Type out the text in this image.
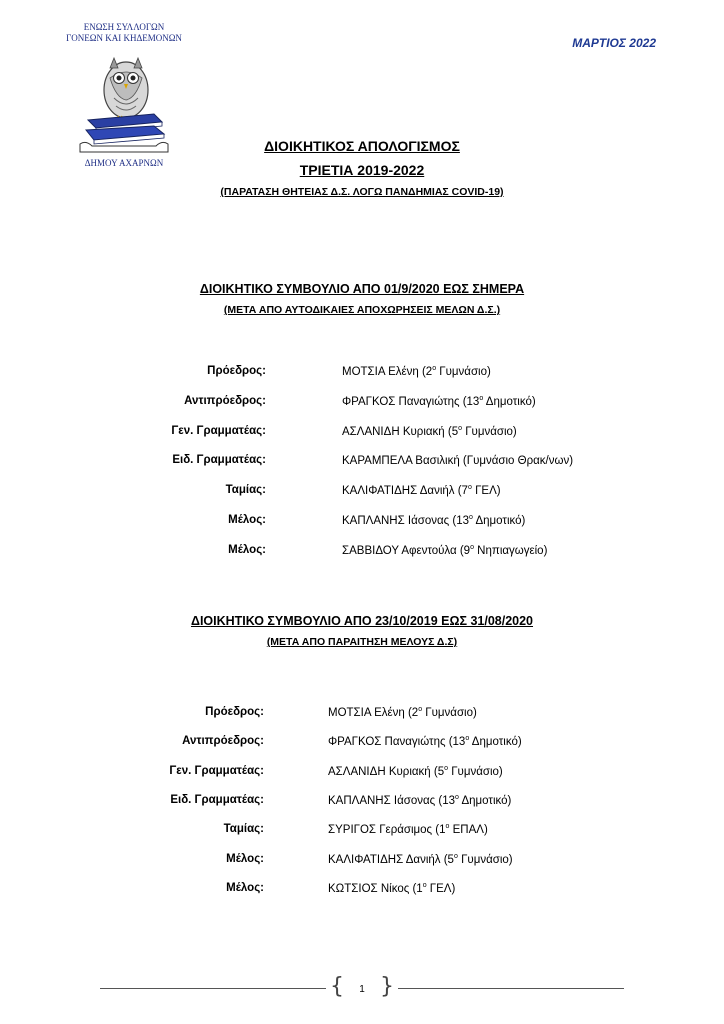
ΕΝΩΣΗ ΣΥΛΛΟΓΩΝ
ΓΟΝΕΩΝ ΚΑΙ ΚΗΔΕΜΟΝΩΝ
ΔΗΜΟΥ ΑΧΑΡΝΩΝ
ΜΑΡΤΙΟΣ 2022
ΔΙΟΙΚΗΤΙΚΟΣ ΑΠΟΛΟΓΙΣΜΟΣ
ΤΡΙΕΤΙΑ 2019-2022
(ΠΑΡΑΤΑΣΗ ΘΗΤΕΙΑΣ Δ.Σ. ΛΟΓΩ ΠΑΝΔΗΜΙΑΣ COVID-19)
ΔΙΟΙΚΗΤΙΚΟ ΣΥΜΒΟΥΛΙΟ ΑΠΟ 01/9/2020 ΕΩΣ ΣΗΜΕΡΑ
(ΜΕΤΑ ΑΠΟ ΑΥΤΟΔΙΚΑΙΕΣ ΑΠΟΧΩΡΗΣΕΙΣ ΜΕΛΩΝ Δ.Σ.)
Πρόεδρος:	ΜΟΤΣΙΑ Ελένη ($2^o$ Γυμνάσιο)
Αντιπρόεδρος:	ΦΡΑΓΚΟΣ Παναγιώτης ($13^o$ Δημοτικό)
Γεν. Γραμματέας:	ΑΣΛΑΝΙΔΗ Κυριακή ($5^o$ Γυμνάσιο)
Ειδ. Γραμματέας:	ΚΑΡΑΜΠΕΛΑ Βασιλική (Γυμνάσιο Θρακ/νων)
Ταμίας:	ΚΑΛΙΦΑΤΙΔΗΣ Δανιήλ ($7^o$ ΓΕΛ)
Μέλος:	ΚΑΠΛΑΝΗΣ Ιάσονας ($13^o$ Δημοτικό)
Μέλος:	ΣΑΒΒΙΔΟΥ Αφεντούλα ($9^o$ Νηπιαγωγείο)
ΔΙΟΙΚΗΤΙΚΟ ΣΥΜΒΟΥΛΙΟ ΑΠΟ 23/10/2019 ΕΩΣ 31/08/2020
(ΜΕΤΑ ΑΠΟ ΠΑΡΑΙΤΗΣΗ ΜΕΛΟΥΣ Δ.Σ)
Πρόεδρος:	ΜΟΤΣΙΑ Ελένη ($2^o$ Γυμνάσιο)
Αντιπρόεδρος:	ΦΡΑΓΚΟΣ Παναγιώτης ($13^o$ Δημοτικό)
Γεν. Γραμματέας:	ΑΣΛΑΝΙΔΗ Κυριακή ($5^o$ Γυμνάσιο)
Ειδ. Γραμματέας:	ΚΑΠΛΑΝΗΣ Ιάσονας ($13^o$ Δημοτικό)
Ταμίας:	ΣΥΡΙΓΟΣ Γεράσιμος ($1^o$ ΕΠΑΛ)
Μέλος:	ΚΑΛΙΦΑΤΙΔΗΣ Δανιήλ ($5^o$ Γυμνάσιο)
Μέλος:	ΚΩΤΣΙΟΣ Νίκος ($1^o$ ΓΕΛ)
{ }
1
